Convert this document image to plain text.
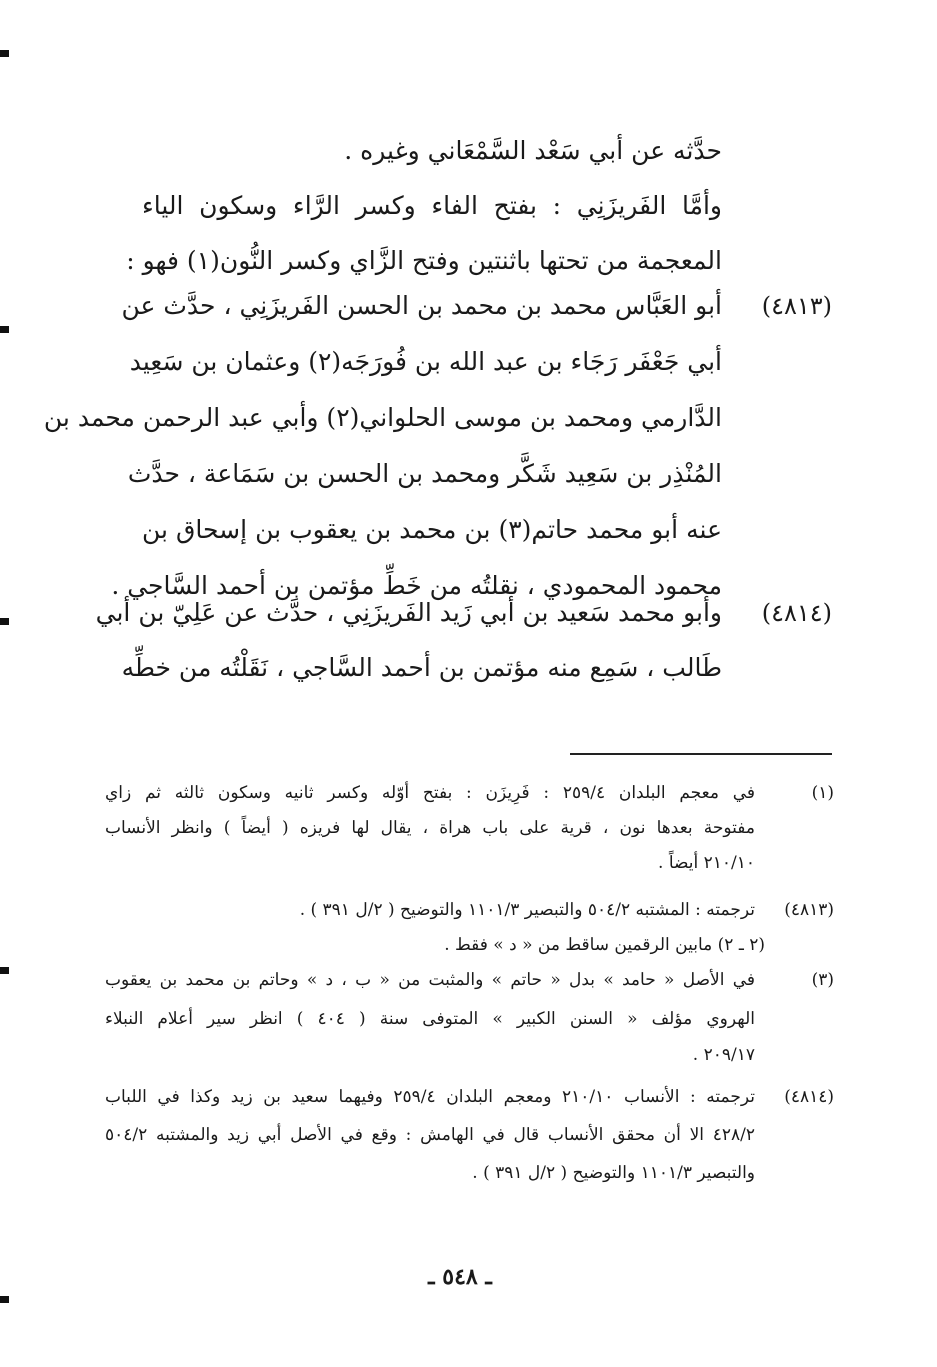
حدَّثه عن أبي سَعْد السَّمْعَاني وغيره .
وأمَّا الفَريزَنِي : بفتح الفاء وكسر الرَّاء وسكون الياء
المعجمة من تحتها باثنتين وفتح الزَّاي وكسر النُّون(١) فهو :
(٤٨١٣)
أبو العَبَّاس محمد بن محمد بن الحسن الفَريزَنِي ، حدَّث عن
أبي جَعْفَر رَجَاء بن عبد الله بن فُورَجَه(٢) وعثمان بن سَعِيد
الدَّارمي ومحمد بن موسى الحلواني(٢) وأبي عبد الرحمن محمد بن
المُنْذِر بن سَعِيد شَكَّر ومحمد بن الحسن بن سَمَاعة ، حدَّث
عنه أبو محمد حاتم(٣) بن محمد بن يعقوب بن إسحاق بن
محمود المحمودي ، نقلتُه من خَطِّ مؤتمن بن أحمد السَّاجي .
(٤٨١٤)
وأبو محمد سَعيد بن أبي زَيد الفَريزَنِي ، حدَّث عن عَلِيّ بن أبي
طَالب ، سَمِع منه مؤتمن بن أحمد السَّاجي ، نَقَلْتُه من خطِّه
(١)
في معجم البلدان ٢٥٩/٤ : فَرِيزَن : بفتح أوّله وكسر ثانيه وسكون ثالثه ثم زاي
مفتوحة بعدها نون ، قرية على باب هراة ، يقال لها فريزه ( أيضاً ) وانظر الأنساب
٢١٠/١٠ أيضاً .
(٤٨١٣)
ترجمته : المشتبه ٥٠٤/٢ والتبصير ١١٠١/٣ والتوضيح ( ٢/ل ٣٩١ ) .
(٢ ـ ٢) مابين الرقمين ساقط من « د » فقط .
(٣)
في الأصل « حامد » بدل « حاتم » والمثبت من « ب ، د » وحاتم بن محمد بن يعقوب
الهروي مؤلف « السنن الكبير » المتوفى سنة ( ٤٠٤ ) انظر سير أعلام النبلاء
٢٠٩/١٧ .
(٤٨١٤)
ترجمته : الأنساب ٢١٠/١٠ ومعجم البلدان ٢٥٩/٤ وفيهما سعيد بن زيد وكذا في اللباب
٤٢٨/٢ الا أن محقق الأنساب قال في الهامش : وقع في الأصل أبي زيد والمشتبه ٥٠٤/٢
والتبصير ١١٠١/٣ والتوضيح ( ٢/ل ٣٩١ ) .
ـ ٥٤٨ ـ
